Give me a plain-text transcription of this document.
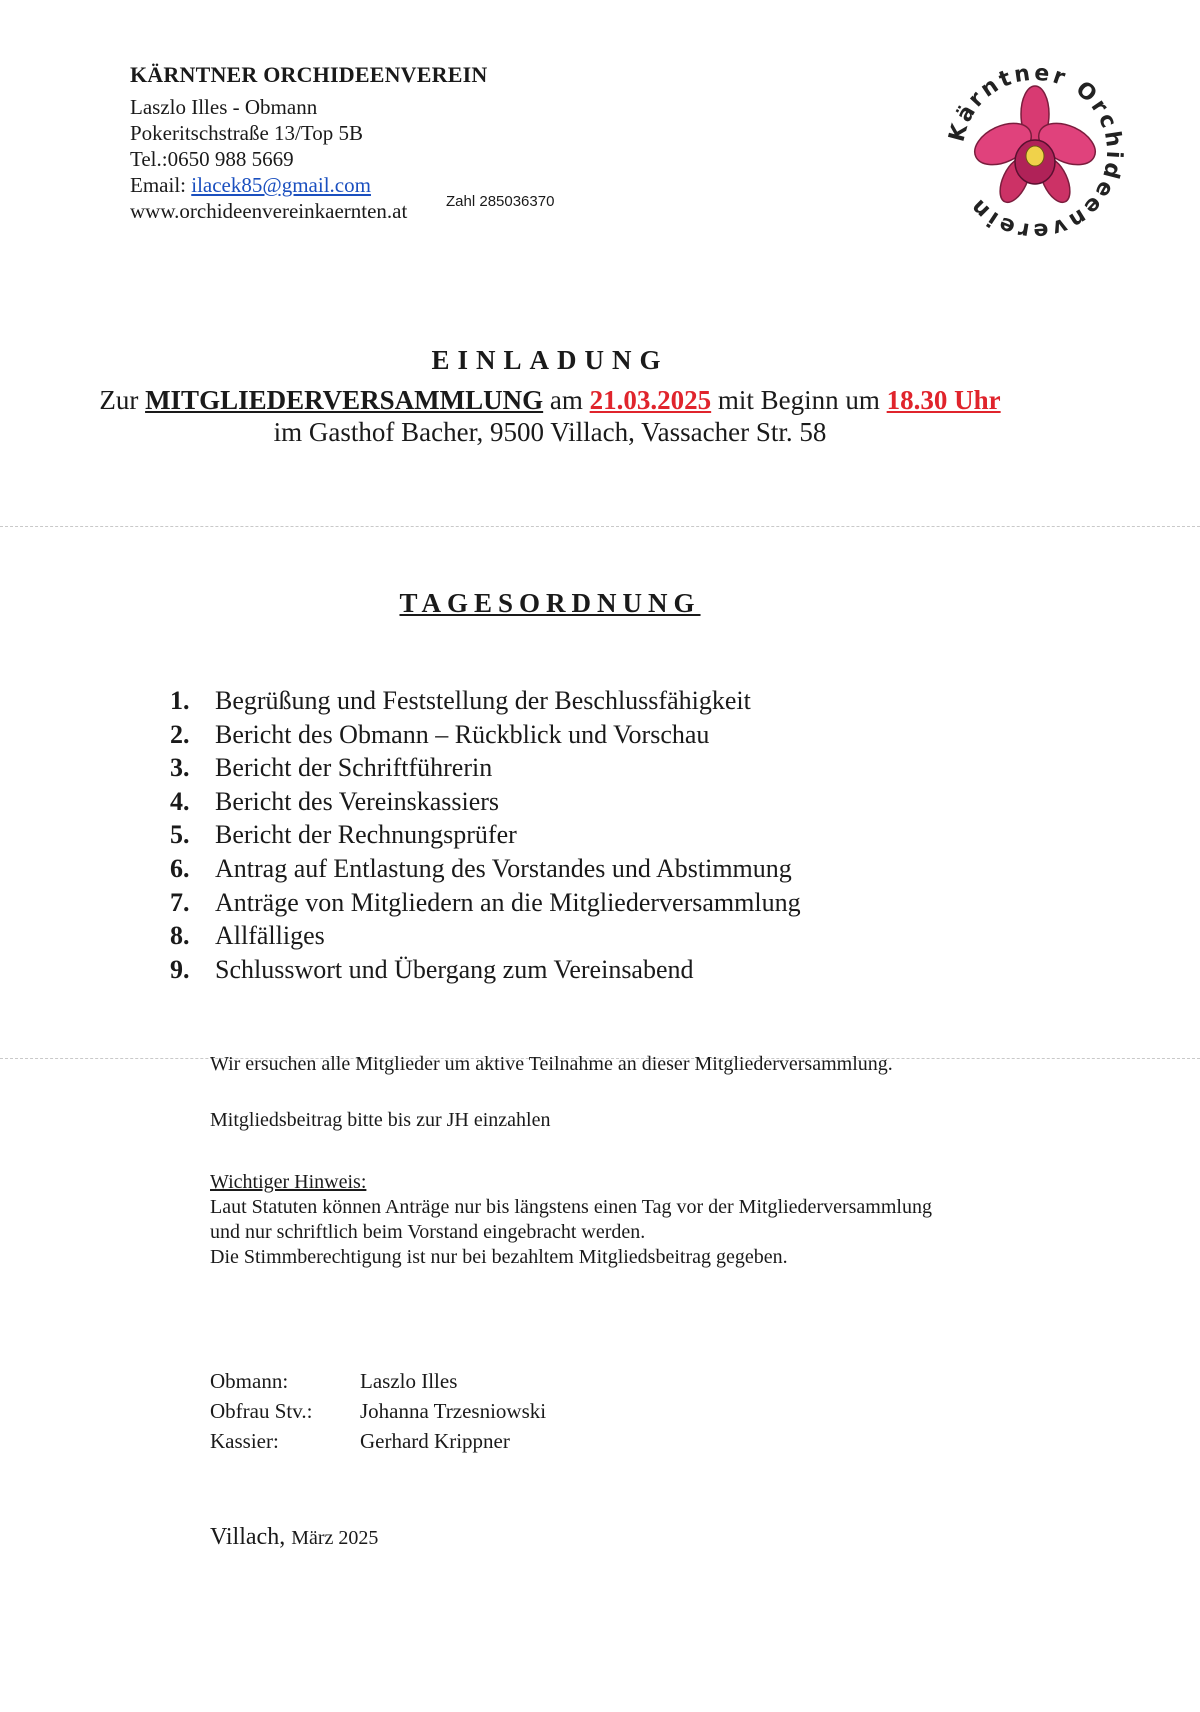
KÄRNTNER ORCHIDEENVEREIN
Laszlo Illes - Obmann
Pokeritschstraße 13/Top 5B
Tel.:0650 988 5669
Email: ilacek85@gmail.com
Zahl 285036370
www.orchideenvereinkaernten.at
Kärntner Orchideenverein
EINLADUNG
Zur MITGLIEDERVERSAMMLUNG am 21.03.2025 mit Beginn um 18.30 Uhr
im Gasthof Bacher, 9500 Villach, Vassacher Str. 58
TAGESORDNUNG
1. Begrüßung und Feststellung der Beschlussfähigkeit
2. Bericht des Obmann – Rückblick und Vorschau
3. Bericht der Schriftführerin
4. Bericht des Vereinskassiers
5. Bericht der Rechnungsprüfer
6. Antrag auf Entlastung des Vorstandes und Abstimmung
7. Anträge von Mitgliedern an die Mitgliederversammlung
8. Allfälliges
9. Schlusswort und Übergang zum Vereinsabend
Wir ersuchen alle Mitglieder um aktive Teilnahme an dieser Mitgliederversammlung.
Mitgliedsbeitrag bitte bis zur JH einzahlen
Wichtiger Hinweis:
Laut Statuten können Anträge nur bis längstens einen Tag vor der Mitgliederversammlung
und nur schriftlich beim Vorstand eingebracht werden.
Die Stimmberechtigung ist nur bei bezahltem Mitgliedsbeitrag gegeben.
Obmann:	Laszlo Illes
Obfrau Stv.: Johanna Trzesniowski
Kassier:	Gerhard Krippner
Villach, März 2025
